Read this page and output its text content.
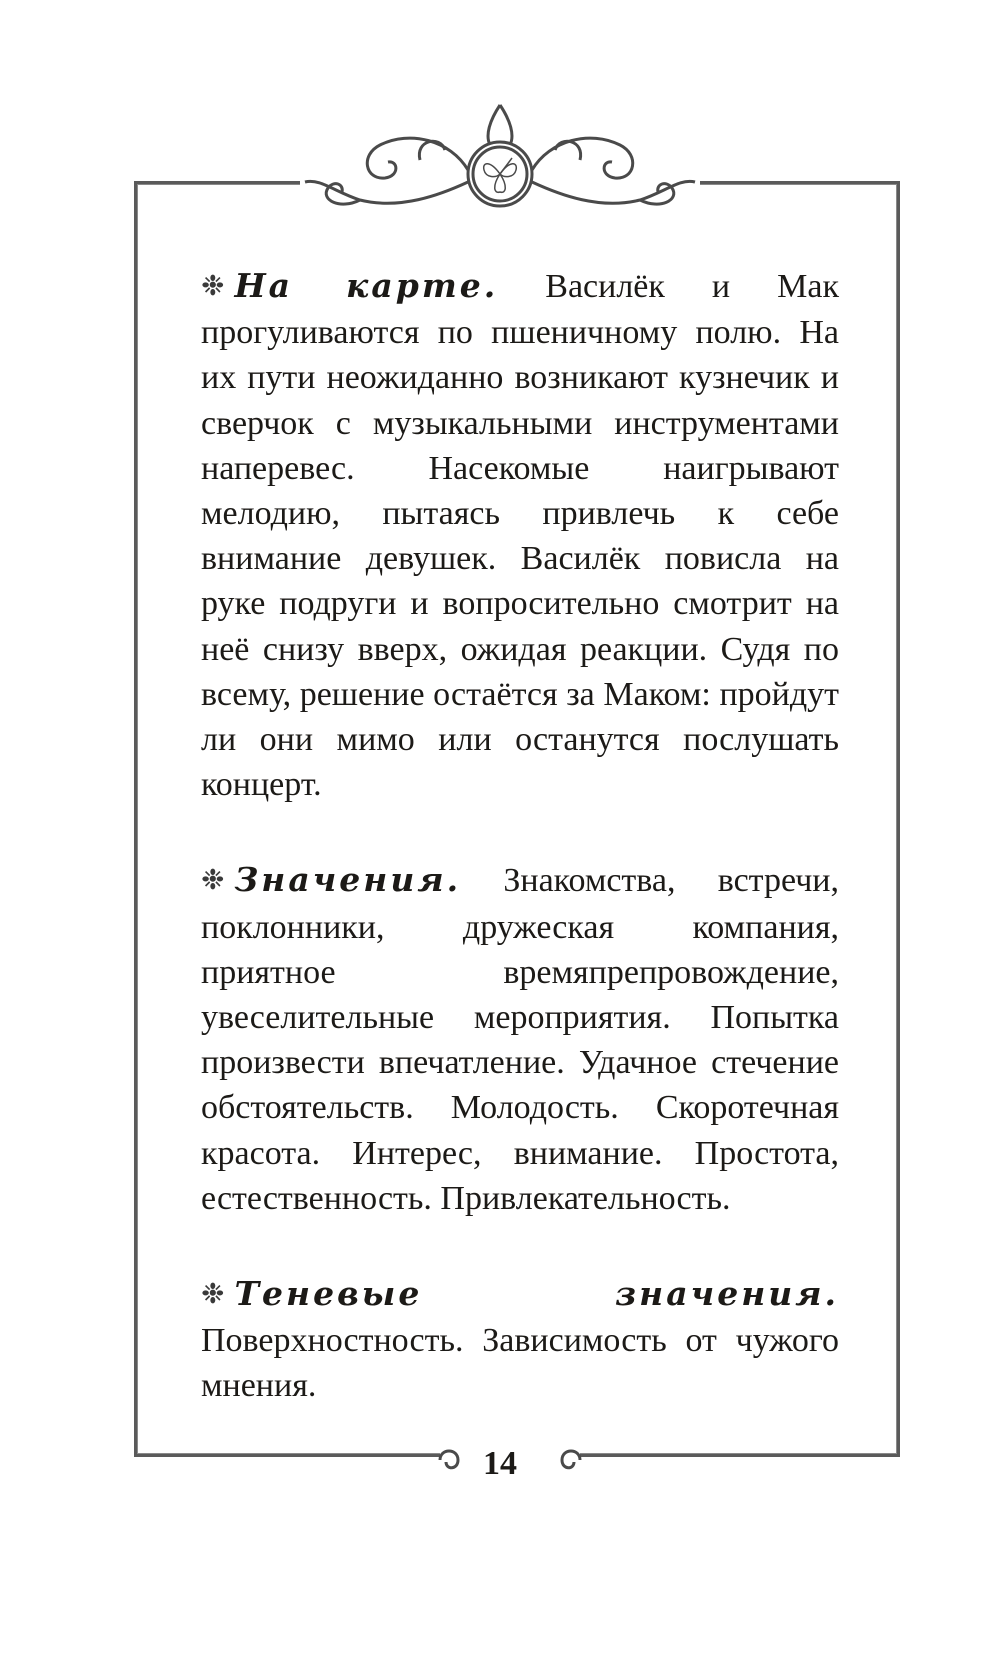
❉ На карте. Василёк и Мак прогуливаются по пшеничному полю. На их пути неожиданно возникают кузнечик и сверчок с музыкальными инструментами наперевес. Насекомые наигрывают мелодию, пытаясь привлечь к себе внимание девушек. Василёк повисла на руке подруги и вопросительно смотрит на неё снизу вверх, ожидая реакции. Судя по всему, решение остаётся за Маком: пройдут ли они мимо или останутся послушать концерт.

❉ Значения. Знакомства, встречи, поклонники, дружеская компания, приятное времяпрепровождение, увеселительные мероприятия. Попытка произвести впечатление. Удачное стечение обстоятельств. Молодость. Скоротечная красота. Интерес, внимание. Простота, естественность. Привлекательность.

❉ Теневые значения. Поверхностность. Зависимость от чужого мнения.

14
